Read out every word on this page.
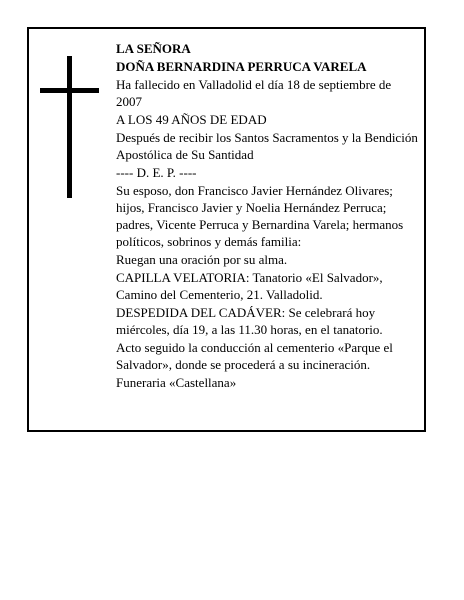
LA SEÑORA

DOÑA BERNARDINA PERRUCA VARELA

Ha fallecido en Valladolid el día 18 de septiembre de 2007

A LOS 49 AÑOS DE EDAD

Después de recibir los Santos Sacramentos y la Bendición Apostólica de Su Santidad

---- D. E. P. ----

Su esposo, don Francisco Javier Hernández Olivares; hijos, Francisco Javier y Noelia Hernández Perruca; padres, Vicente Perruca y Bernardina Varela; hermanos políticos, sobrinos y demás familia:

Ruegan una oración por su alma.

CAPILLA VELATORIA: Tanatorio «El Salvador», Camino del Cementerio, 21. Valladolid.

DESPEDIDA DEL CADÁVER: Se celebrará hoy miércoles, día 19, a las 11.30 horas, en el tanatorio.

Acto seguido la conducción al cementerio «Parque el Salvador», donde se procederá a su incineración.

Funeraria «Castellana»
